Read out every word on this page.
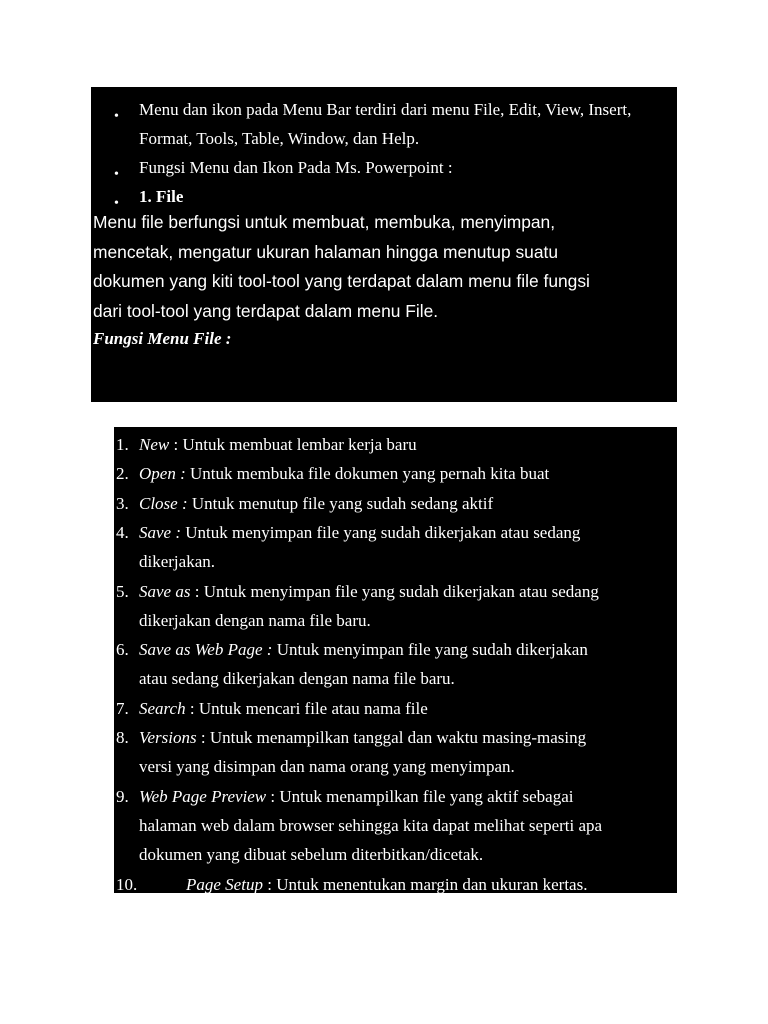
• Menu dan ikon pada Menu Bar terdiri dari menu File, Edit, View, Insert, Format, Tools, Table, Window, dan Help.
• Fungsi Menu dan Ikon Pada Ms. Powerpoint :
• 1. File
Menu file berfungsi untuk membuat, membuka, menyimpan,
mencetak, mengatur ukuran halaman hingga menutup suatu
dokumen yang kiti tool-tool yang terdapat dalam menu file fungsi
dari tool-tool yang terdapat dalam menu File.
Fungsi Menu File :
1. New : Untuk membuat lembar kerja baru
2. Open : Untuk membuka file dokumen yang pernah kita buat
3. Close : Untuk menutup file yang sudah sedang aktif
4. Save : Untuk menyimpan file yang sudah dikerjakan atau sedang
dikerjakan.
5. Save as : Untuk menyimpan file yang sudah dikerjakan atau sedang
dikerjakan dengan nama file baru.
6. Save as Web Page : Untuk menyimpan file yang sudah dikerjakan
atau sedang dikerjakan dengan nama file baru.
7. Search : Untuk mencari file atau nama file
8. Versions : Untuk menampilkan tanggal dan waktu masing-masing
versi yang disimpan dan nama orang yang menyimpan.
9. Web Page Preview : Untuk menampilkan file yang aktif sebagai
halaman web dalam browser sehingga kita dapat melihat seperti apa
dokumen yang dibuat sebelum diterbitkan/dicetak.
10.	Page Setup : Untuk menentukan margin dan ukuran kertas.
